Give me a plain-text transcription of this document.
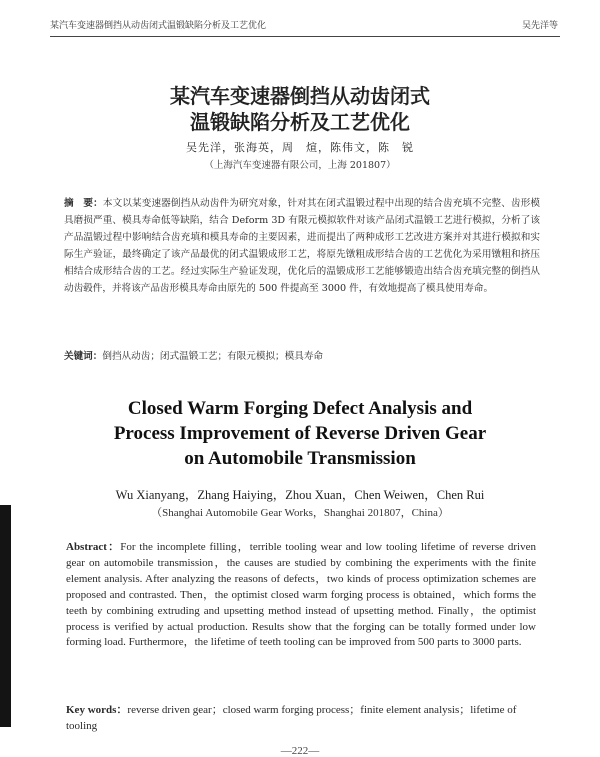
某汽车变速器倒挡从动齿闭式温锻缺陷分析及工艺优化	吴先洋等
某汽车变速器倒挡从动齿闭式
温锻缺陷分析及工艺优化
吴先洋，张海英，周　煊，陈伟文，陈　锐
（上海汽车变速器有限公司，上海 201807）
摘　要：本文以某变速器倒挡从动齿件为研究对象，针对其在闭式温锻过程中出现的结合齿充填不完整、齿形模具磨损严重、模具寿命低等缺陷，结合 Deform 3D 有限元模拟软件对该产品闭式温锻工艺进行模拟，分析了该产品温锻过程中影响结合齿充填和模具寿命的主要因素，进而提出了两种成形工艺改进方案并对其进行模拟和实际生产验证，最终确定了该产品最优的闭式温锻成形工艺，将原先镦粗成形结合齿的工艺优化为采用镦粗和挤压相结合成形结合齿的工艺。经过实际生产验证发现，优化后的温锻成形工艺能够锻造出结合齿充填完整的倒挡从动齿毂件，并将该产品齿形模具寿命由原先的 500 件提高至 3000 件，有效地提高了模具使用寿命。
关键词：倒挡从动齿；闭式温锻工艺；有限元模拟；模具寿命
Closed Warm Forging Defect Analysis and
Process Improvement of Reverse Driven Gear
on Automobile Transmission
Wu Xianyang，Zhang Haiying，Zhou Xuan，Chen Weiwen，Chen Rui
（Shanghai Automobile Gear Works，Shanghai 201807，China）
Abstract：For the incomplete filling，terrible tooling wear and low tooling lifetime of reverse driven gear on automobile transmission，the causes are studied by combining the experiments with the finite element analysis. After analyzing the reasons of defects，two kinds of process optimization schemes are proposed and contrasted. Then，the optimist closed warm forging process is obtained，which forms the teeth by combining extruding and upsetting method instead of upsetting method. Finally，the optimist process is verified by actual production. Results show that the forging can be totally formed under low forming load. Furthermore，the lifetime of teeth tooling can be improved from 500 parts to 3000 parts.
Key words：reverse driven gear；closed warm forging process；finite element analysis；lifetime of tooling
—222—
